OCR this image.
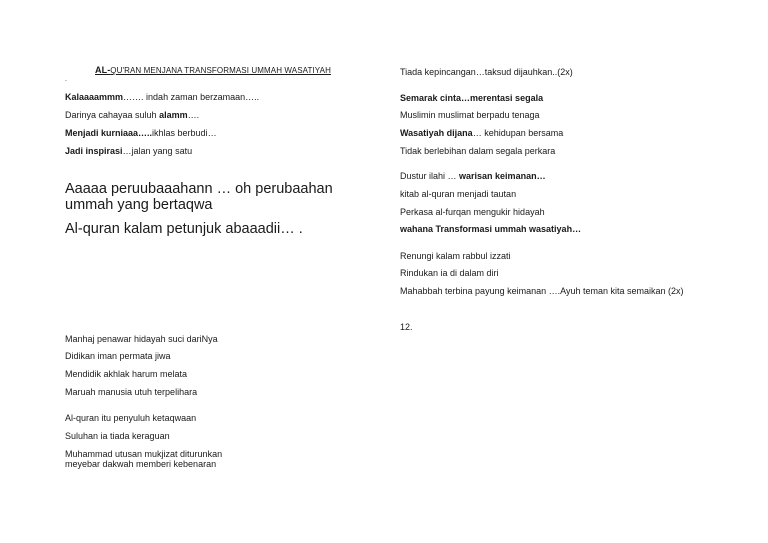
AL-QU'RAN MENJANA TRANSFORMASI UMMAH WASATIYAH
.
Kalaaaammm……. indah zaman berzamaan…..
Darinya cahayaa suluh alamm….
Menjadi kurniaaa…..ikhlas berbudi…
Jadi inspirasi…jalan yang satu
Aaaaa peruubaaahann … oh perubaahan
ummah yang bertaqwa
Al-quran kalam petunjuk abaaadii… .
Manhaj penawar hidayah suci dariNya
Didikan iman permata jiwa
Mendidik akhlak harum melata
Maruah manusia utuh terpelihara
Al-quran itu penyuluh ketaqwaan
Suluhan ia tiada keraguan
Muhammad utusan mukjizat diturunkan
meyebar dakwah memberi kebenaran
Tiada kepincangan…taksud dijauhkan..(2x)
Semarak cinta…merentasi segala
Muslimin muslimat berpadu tenaga
Wasatiyah dijana… kehidupan bersama
Tidak berlebihan dalam segala perkara
Dustur ilahi … warisan keimanan…
kitab al-quran menjadi tautan
Perkasa al-furqan mengukir hidayah
wahana Transformasi ummah wasatiyah…
Renungi kalam rabbul izzati
Rindukan ia di dalam diri
Mahabbah terbina payung keimanan ….Ayuh teman kita semaikan (2x)
12.
